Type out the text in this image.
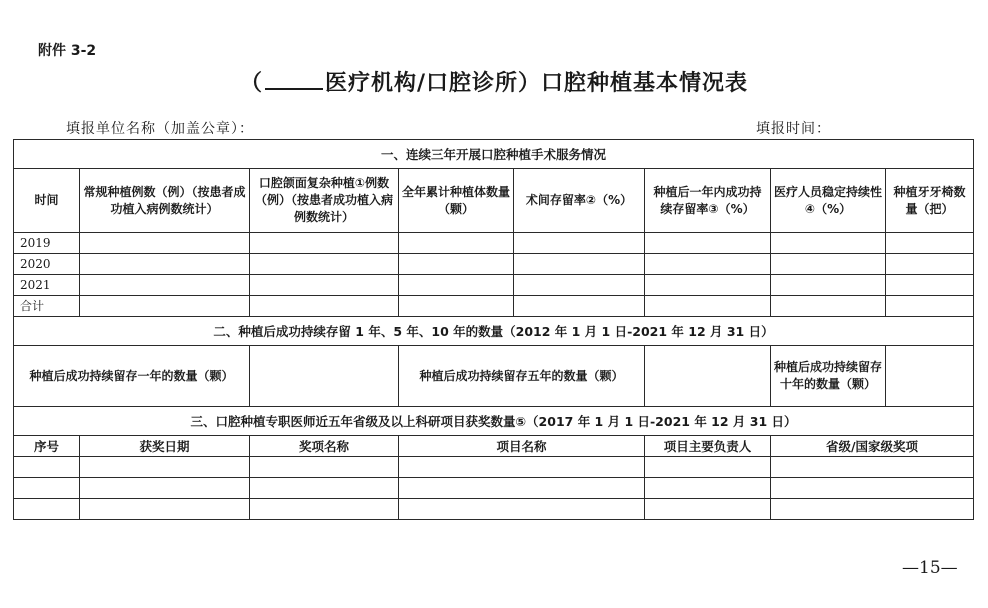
附件 3-2
（	医疗机构/口腔诊所）口腔种植基本情况表
填报单位名称（加盖公章）：	填报时间：
一、连续三年开展口腔种植手术服务情况							
时间	常规种植例数（例）（按患者成功植入病例数统计）	口腔颌面复杂种植①例数（例）（按患者成功植入病例数统计）	全年累计种植体数量（颗）	术间存留率②（%）	种植后一年内成功持续存留率③（%）	医疗人员稳定持续性④（%）	种植牙牙椅数量（把）
2019							
2020							
2021							
合计							
二、种植后成功持续存留 1 年、5 年、10 年的数量（2012 年 1 月 1 日-2021 年 12 月 31 日）							
种植后成功持续留存一年的数量（颗）			种植后成功持续留存五年的数量（颗）			种植后成功持续留存十年的数量（颗）	
三、口腔种植专职医师近五年省级及以上科研项目获奖数量⑤（2017 年 1 月 1 日-2021 年 12 月 31 日）							
序号	获奖日期	奖项名称	项目名称		项目主要负责人	省级/国家级奖项	

—15—
